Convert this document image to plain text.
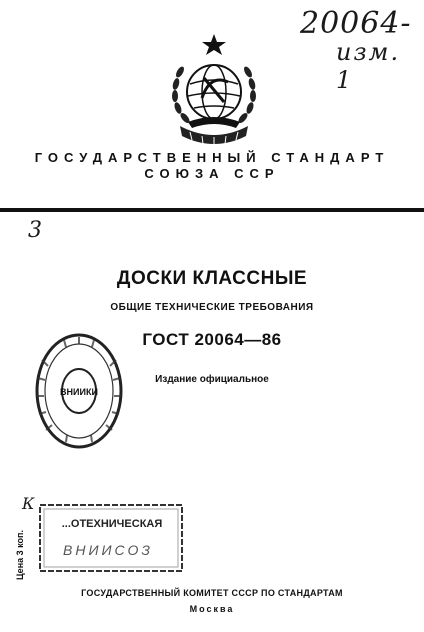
20064-
изм. 1
ГОСУДАРСТВЕННЫЙ СТАНДАРТ
СОЮЗА ССР
3
ДОСКИ КЛАССНЫЕ
ОБЩИЕ ТЕХНИЧЕСКИЕ ТРЕБОВАНИЯ
ГОСТ 20064—86
Издание официальное
ВНИИКИ
К
Цена 3 коп.
...ОТЕХНИЧЕСКАЯ
ВНИИСОЗ
ГОСУДАРСТВЕННЫЙ КОМИТЕТ СССР ПО СТАНДАРТАМ
Москва
